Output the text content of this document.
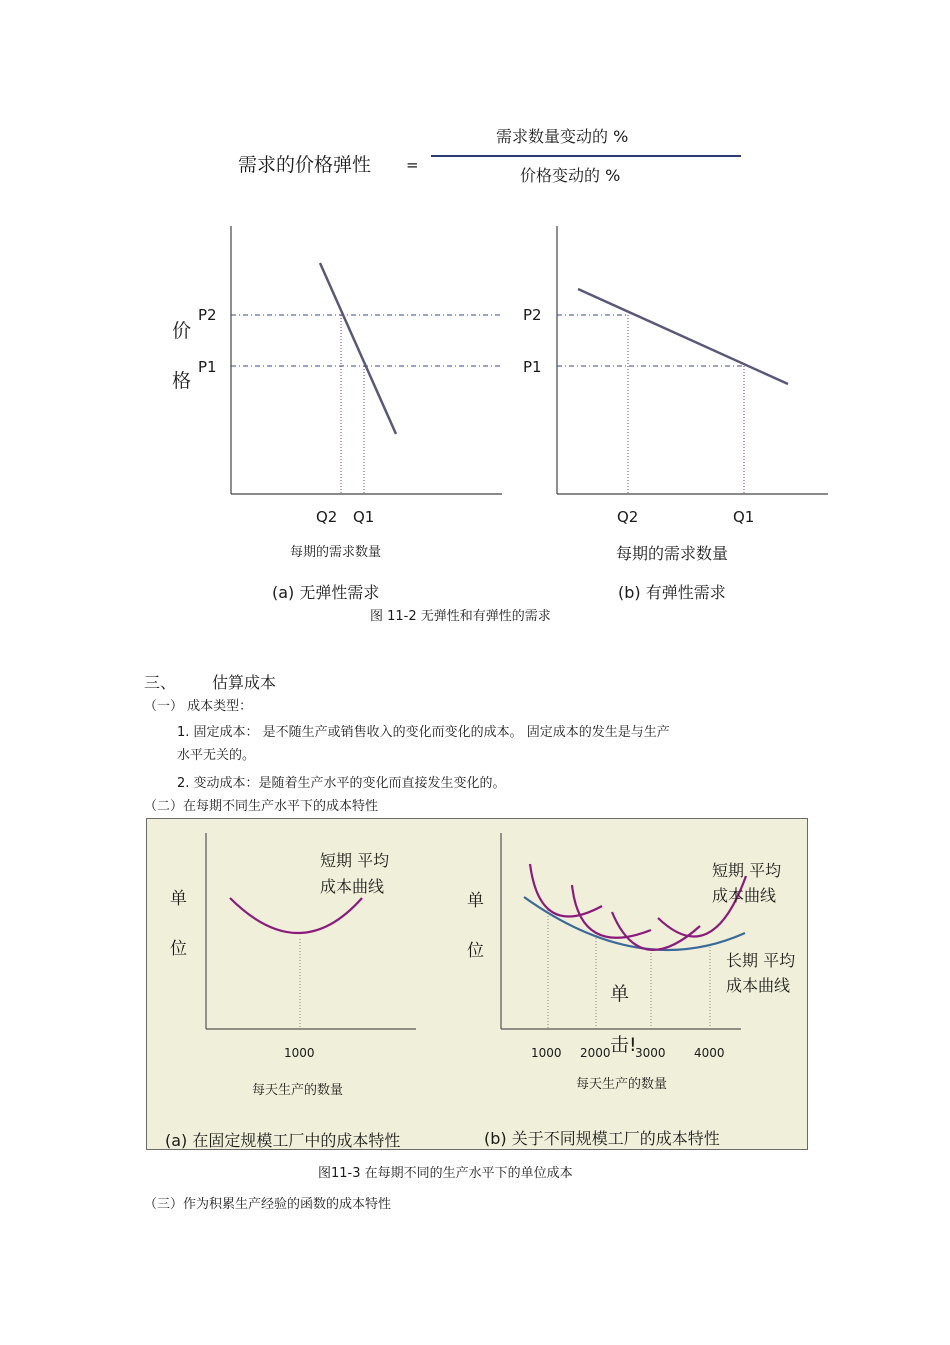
需求的价格弹性 =
需求数量变动的 %
价格变动的 %
价
格
P2
P1
Q2 Q1
每期的需求数量
(a) 无弹性需求
P2
P1
Q2	Q1
每期的需求数量
(b) 有弹性需求
图 11-2 无弹性和有弹性的需求
三、 估算成本
（一） 成本类型：
1. 固定成本： 是不随生产或销售收入的变化而变化的成本。 固定成本的发生是与生产
水平无关的。
2. 变动成本：是随着生产水平的变化而直接发生变化的。
（二）在每期不同生产水平下的成本特性
单
位
短期 平均
成本曲线
1000
每天生产的数量
(a) 在固定规模工厂中的成本特性
单
位
短期 平均
成本曲线
长期 平均
成本曲线
单
击!
1000 2000 3000 4000
每天生产的数量
(b) 关于不同规模工厂的成本特性
图11-3 在每期不同的生产水平下的单位成本
（三）作为积累生产经验的函数的成本特性
